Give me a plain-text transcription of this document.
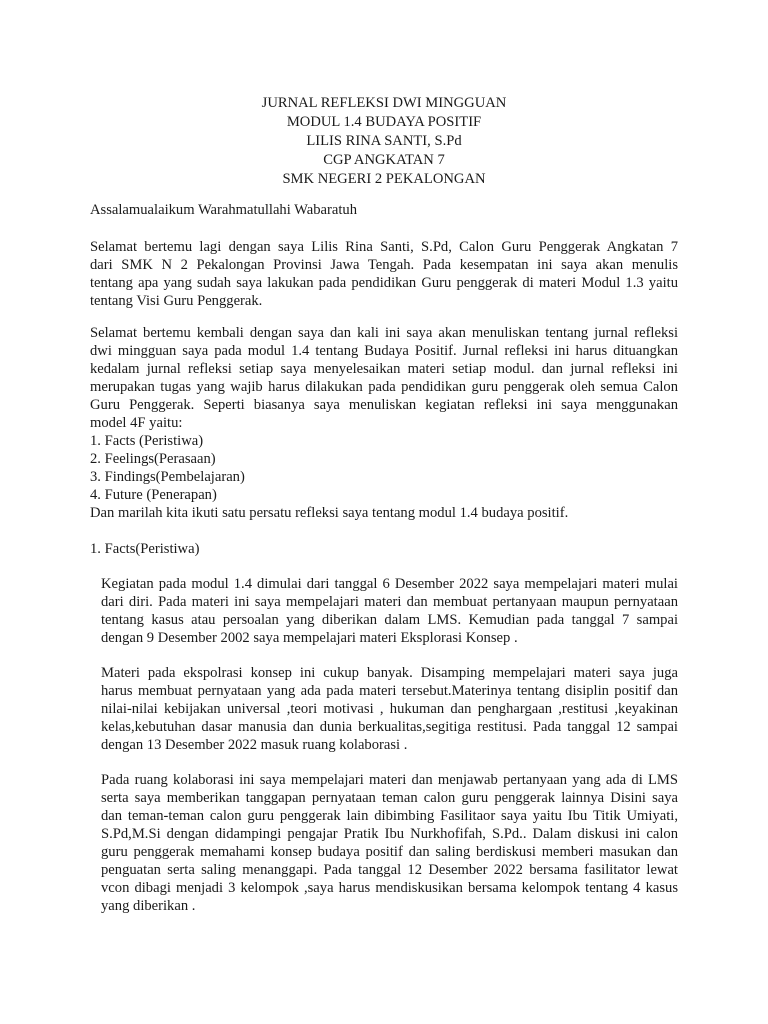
JURNAL REFLEKSI DWI MINGGUAN
MODUL 1.4 BUDAYA POSITIF
LILIS RINA SANTI, S.Pd
CGP ANGKATAN 7
SMK NEGERI 2 PEKALONGAN
Assalamualaikum Warahmatullahi Wabaratuh
Selamat bertemu lagi dengan saya Lilis Rina Santi, S.Pd, Calon Guru Penggerak Angkatan 7
dari SMK N 2 Pekalongan Provinsi Jawa Tengah. Pada kesempatan ini saya akan menulis
tentang apa yang sudah saya lakukan pada pendidikan Guru penggerak di materi Modul 1.3 yaitu
tentang Visi Guru Penggerak.
Selamat bertemu kembali dengan saya dan kali ini saya akan menuliskan tentang jurnal refleksi
dwi mingguan saya pada modul 1.4 tentang Budaya Positif. Jurnal refleksi ini harus dituangkan
kedalam jurnal refleksi setiap saya menyelesaikan materi setiap modul. dan jurnal refleksi ini
merupakan tugas yang wajib harus dilakukan pada pendidikan guru penggerak oleh semua Calon
Guru Penggerak. Seperti biasanya saya menuliskan kegiatan refleksi ini saya menggunakan
model 4F yaitu:
1. Facts (Peristiwa)
2. Feelings(Perasaan)
3. Findings(Pembelajaran)
4. Future (Penerapan)
Dan marilah kita ikuti satu persatu refleksi saya tentang modul 1.4 budaya positif.
1. Facts(Peristiwa)
Kegiatan pada modul 1.4 dimulai dari tanggal 6 Desember 2022 saya mempelajari materi mulai
dari diri. Pada materi ini saya mempelajari materi dan membuat pertanyaan maupun pernyataan
tentang kasus atau persoalan yang diberikan dalam LMS. Kemudian pada tanggal 7 sampai
dengan 9 Desember 2002 saya mempelajari materi Eksplorasi Konsep .
Materi pada ekspolrasi konsep ini cukup banyak. Disamping mempelajari materi saya juga
harus membuat pernyataan yang ada pada materi tersebut.Materinya tentang disiplin positif dan
nilai-nilai kebijakan universal ,teori motivasi , hukuman dan penghargaan ,restitusi ,keyakinan
kelas,kebutuhan dasar manusia dan dunia berkualitas,segitiga restitusi. Pada tanggal 12 sampai
dengan 13 Desember 2022 masuk ruang kolaborasi .
Pada ruang kolaborasi ini saya mempelajari materi dan menjawab pertanyaan yang ada di LMS
serta saya memberikan tanggapan pernyataan teman calon guru penggerak lainnya Disini saya
dan teman-teman calon guru penggerak lain dibimbing Fasilitaor saya yaitu Ibu Titik Umiyati,
S.Pd,M.Si dengan didampingi pengajar Pratik Ibu Nurkhofifah, S.Pd.. Dalam diskusi ini calon
guru penggerak memahami konsep budaya positif dan saling berdiskusi memberi masukan dan
penguatan serta saling menanggapi. Pada tanggal 12 Desember 2022 bersama fasilitator lewat
vcon dibagi menjadi 3 kelompok ,saya harus mendiskusikan bersama kelompok tentang 4 kasus
yang diberikan .
